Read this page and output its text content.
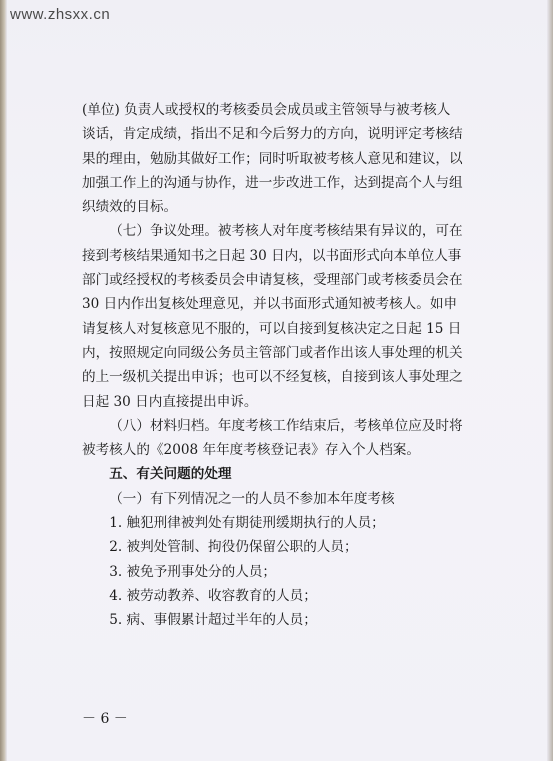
www.zhsxx.cn

(单位) 负责人或授权的考核委员会成员或主管领导与被考核人
谈话，肯定成绩，指出不足和今后努力的方向，说明评定考核结
果的理由，勉励其做好工作；同时听取被考核人意见和建议，以
加强工作上的沟通与协作，进一步改进工作，达到提高个人与组
织绩效的目标。

（七）争议处理。被考核人对年度考核结果有异议的，可在
接到考核结果通知书之日起 30 日内，以书面形式向本单位人事
部门或经授权的考核委员会申请复核，受理部门或考核委员会在
30 日内作出复核处理意见，并以书面形式通知被考核人。如申
请复核人对复核意见不服的，可以自接到复核决定之日起 15 日
内，按照规定向同级公务员主管部门或者作出该人事处理的机关
的上一级机关提出申诉；也可以不经复核，自接到该人事处理之
日起 30 日内直接提出申诉。

（八）材料归档。年度考核工作结束后，考核单位应及时将
被考核人的《2008 年年度考核登记表》存入个人档案。

五、有关问题的处理
（一）有下列情况之一的人员不参加本年度考核
1. 触犯刑律被判处有期徒刑缓期执行的人员；
2. 被判处管制、拘役仍保留公职的人员；
3. 被免予刑事处分的人员；
4. 被劳动教养、收容教育的人员；
5. 病、事假累计超过半年的人员；
－ 6 －
